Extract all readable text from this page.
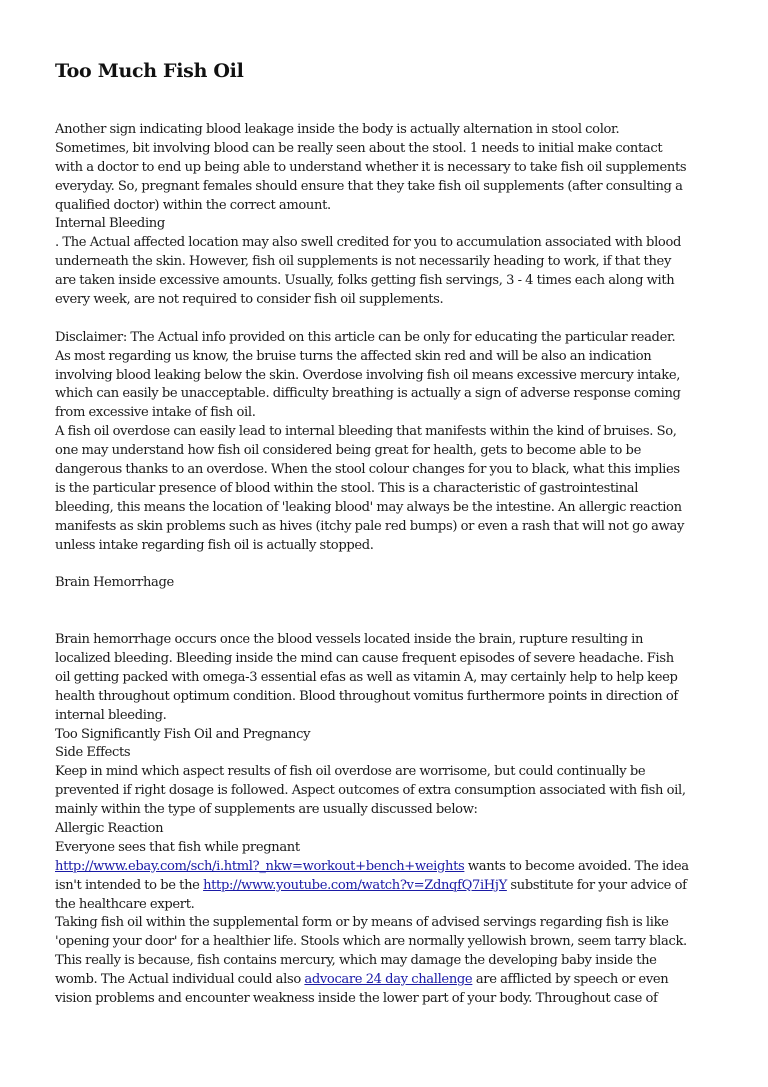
Too Much Fish Oil
Another sign indicating blood leakage inside the body is actually alternation in stool color.
Sometimes, bit involving blood can be really seen about the stool. 1 needs to initial make contact
with a doctor to end up being able to understand whether it is necessary to take fish oil supplements
everyday. So, pregnant females should ensure that they take fish oil supplements (after consulting a
qualified doctor) within the correct amount.
Internal Bleeding
. The Actual affected location may also swell credited for you to accumulation associated with blood
underneath the skin. However, fish oil supplements is not necessarily heading to work, if that they
are taken inside excessive amounts. Usually, folks getting fish servings, 3 - 4 times each along with
every week, are not required to consider fish oil supplements.
Disclaimer: The Actual info provided on this article can be only for educating the particular reader.
As most regarding us know, the bruise turns the affected skin red and will be also an indication
involving blood leaking below the skin. Overdose involving fish oil means excessive mercury intake,
which can easily be unacceptable. difficulty breathing is actually a sign of adverse response coming
from excessive intake of fish oil.
A fish oil overdose can easily lead to internal bleeding that manifests within the kind of bruises. So,
one may understand how fish oil considered being great for health, gets to become able to be
dangerous thanks to an overdose. When the stool colour changes for you to black, what this implies
is the particular presence of blood within the stool. This is a characteristic of gastrointestinal
bleeding, this means the location of 'leaking blood' may always be the intestine. An allergic reaction
manifests as skin problems such as hives (itchy pale red bumps) or even a rash that will not go away
unless intake regarding fish oil is actually stopped.
Brain Hemorrhage
Brain hemorrhage occurs once the blood vessels located inside the brain, rupture resulting in
localized bleeding. Bleeding inside the mind can cause frequent episodes of severe headache. Fish
oil getting packed with omega-3 essential efas as well as vitamin A, may certainly help to help keep
health throughout optimum condition. Blood throughout vomitus furthermore points in direction of
internal bleeding.
Too Significantly Fish Oil and Pregnancy
Side Effects
Keep in mind which aspect results of fish oil overdose are worrisome, but could continually be
prevented if right dosage is followed. Aspect outcomes of extra consumption associated with fish oil,
mainly within the type of supplements are usually discussed below:
Allergic Reaction
Everyone sees that fish while pregnant
http://www.ebay.com/sch/i.html?_nkw=workout+bench+weights wants to become avoided. The idea
isn't intended to be the http://www.youtube.com/watch?v=ZdnqfQ7iHjY substitute for your advice of
the healthcare expert.
Taking fish oil within the supplemental form or by means of advised servings regarding fish is like
'opening your door' for a healthier life. Stools which are normally yellowish brown, seem tarry black.
This really is because, fish contains mercury, which may damage the developing baby inside the
womb. The Actual individual could also advocare 24 day challenge are afflicted by speech or even
vision problems and encounter weakness inside the lower part of your body. Throughout case of
